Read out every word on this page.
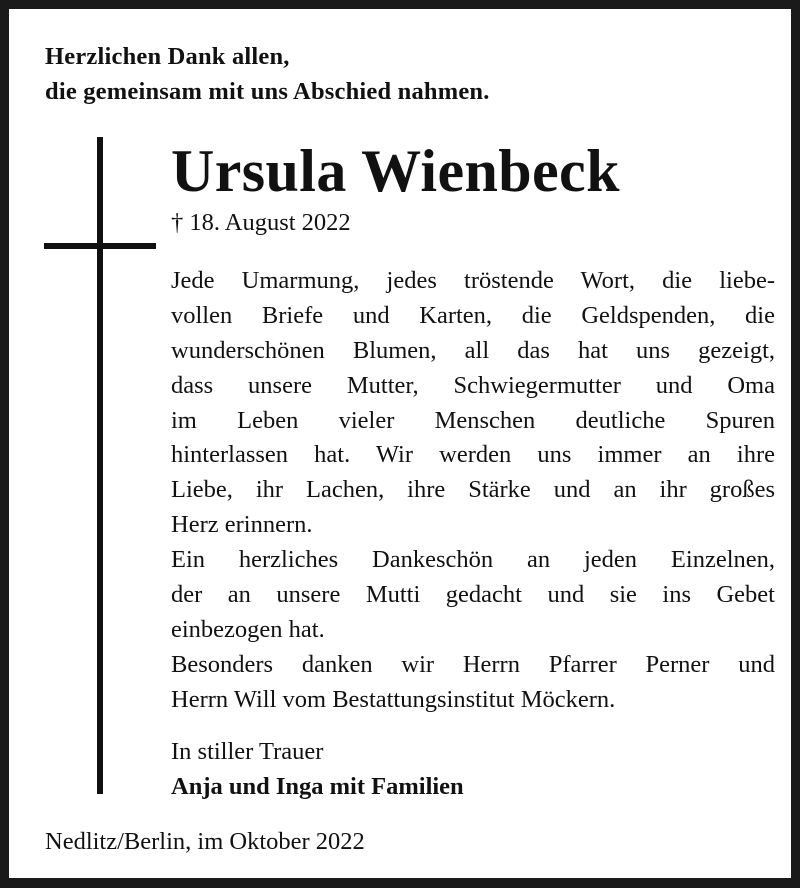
Herzlichen Dank allen,
die gemeinsam mit uns Abschied nahmen.
Ursula Wienbeck
† 18. August 2022
Jede Umarmung, jedes tröstende Wort, die liebe-
vollen Briefe und Karten, die Geldspenden, die
wunderschönen Blumen, all das hat uns gezeigt,
dass unsere Mutter, Schwiegermutter und Oma
im Leben vieler Menschen deutliche Spuren
hinterlassen hat. Wir werden uns immer an ihre
Liebe, ihr Lachen, ihre Stärke und an ihr großes
Herz erinnern.
Ein herzliches Dankeschön an jeden Einzelnen,
der an unsere Mutti gedacht und sie ins Gebet
einbezogen hat.
Besonders danken wir Herrn Pfarrer Perner und
Herrn Will vom Bestattungsinstitut Möckern.
In stiller Trauer
Anja und Inga mit Familien
Nedlitz/Berlin, im Oktober 2022
